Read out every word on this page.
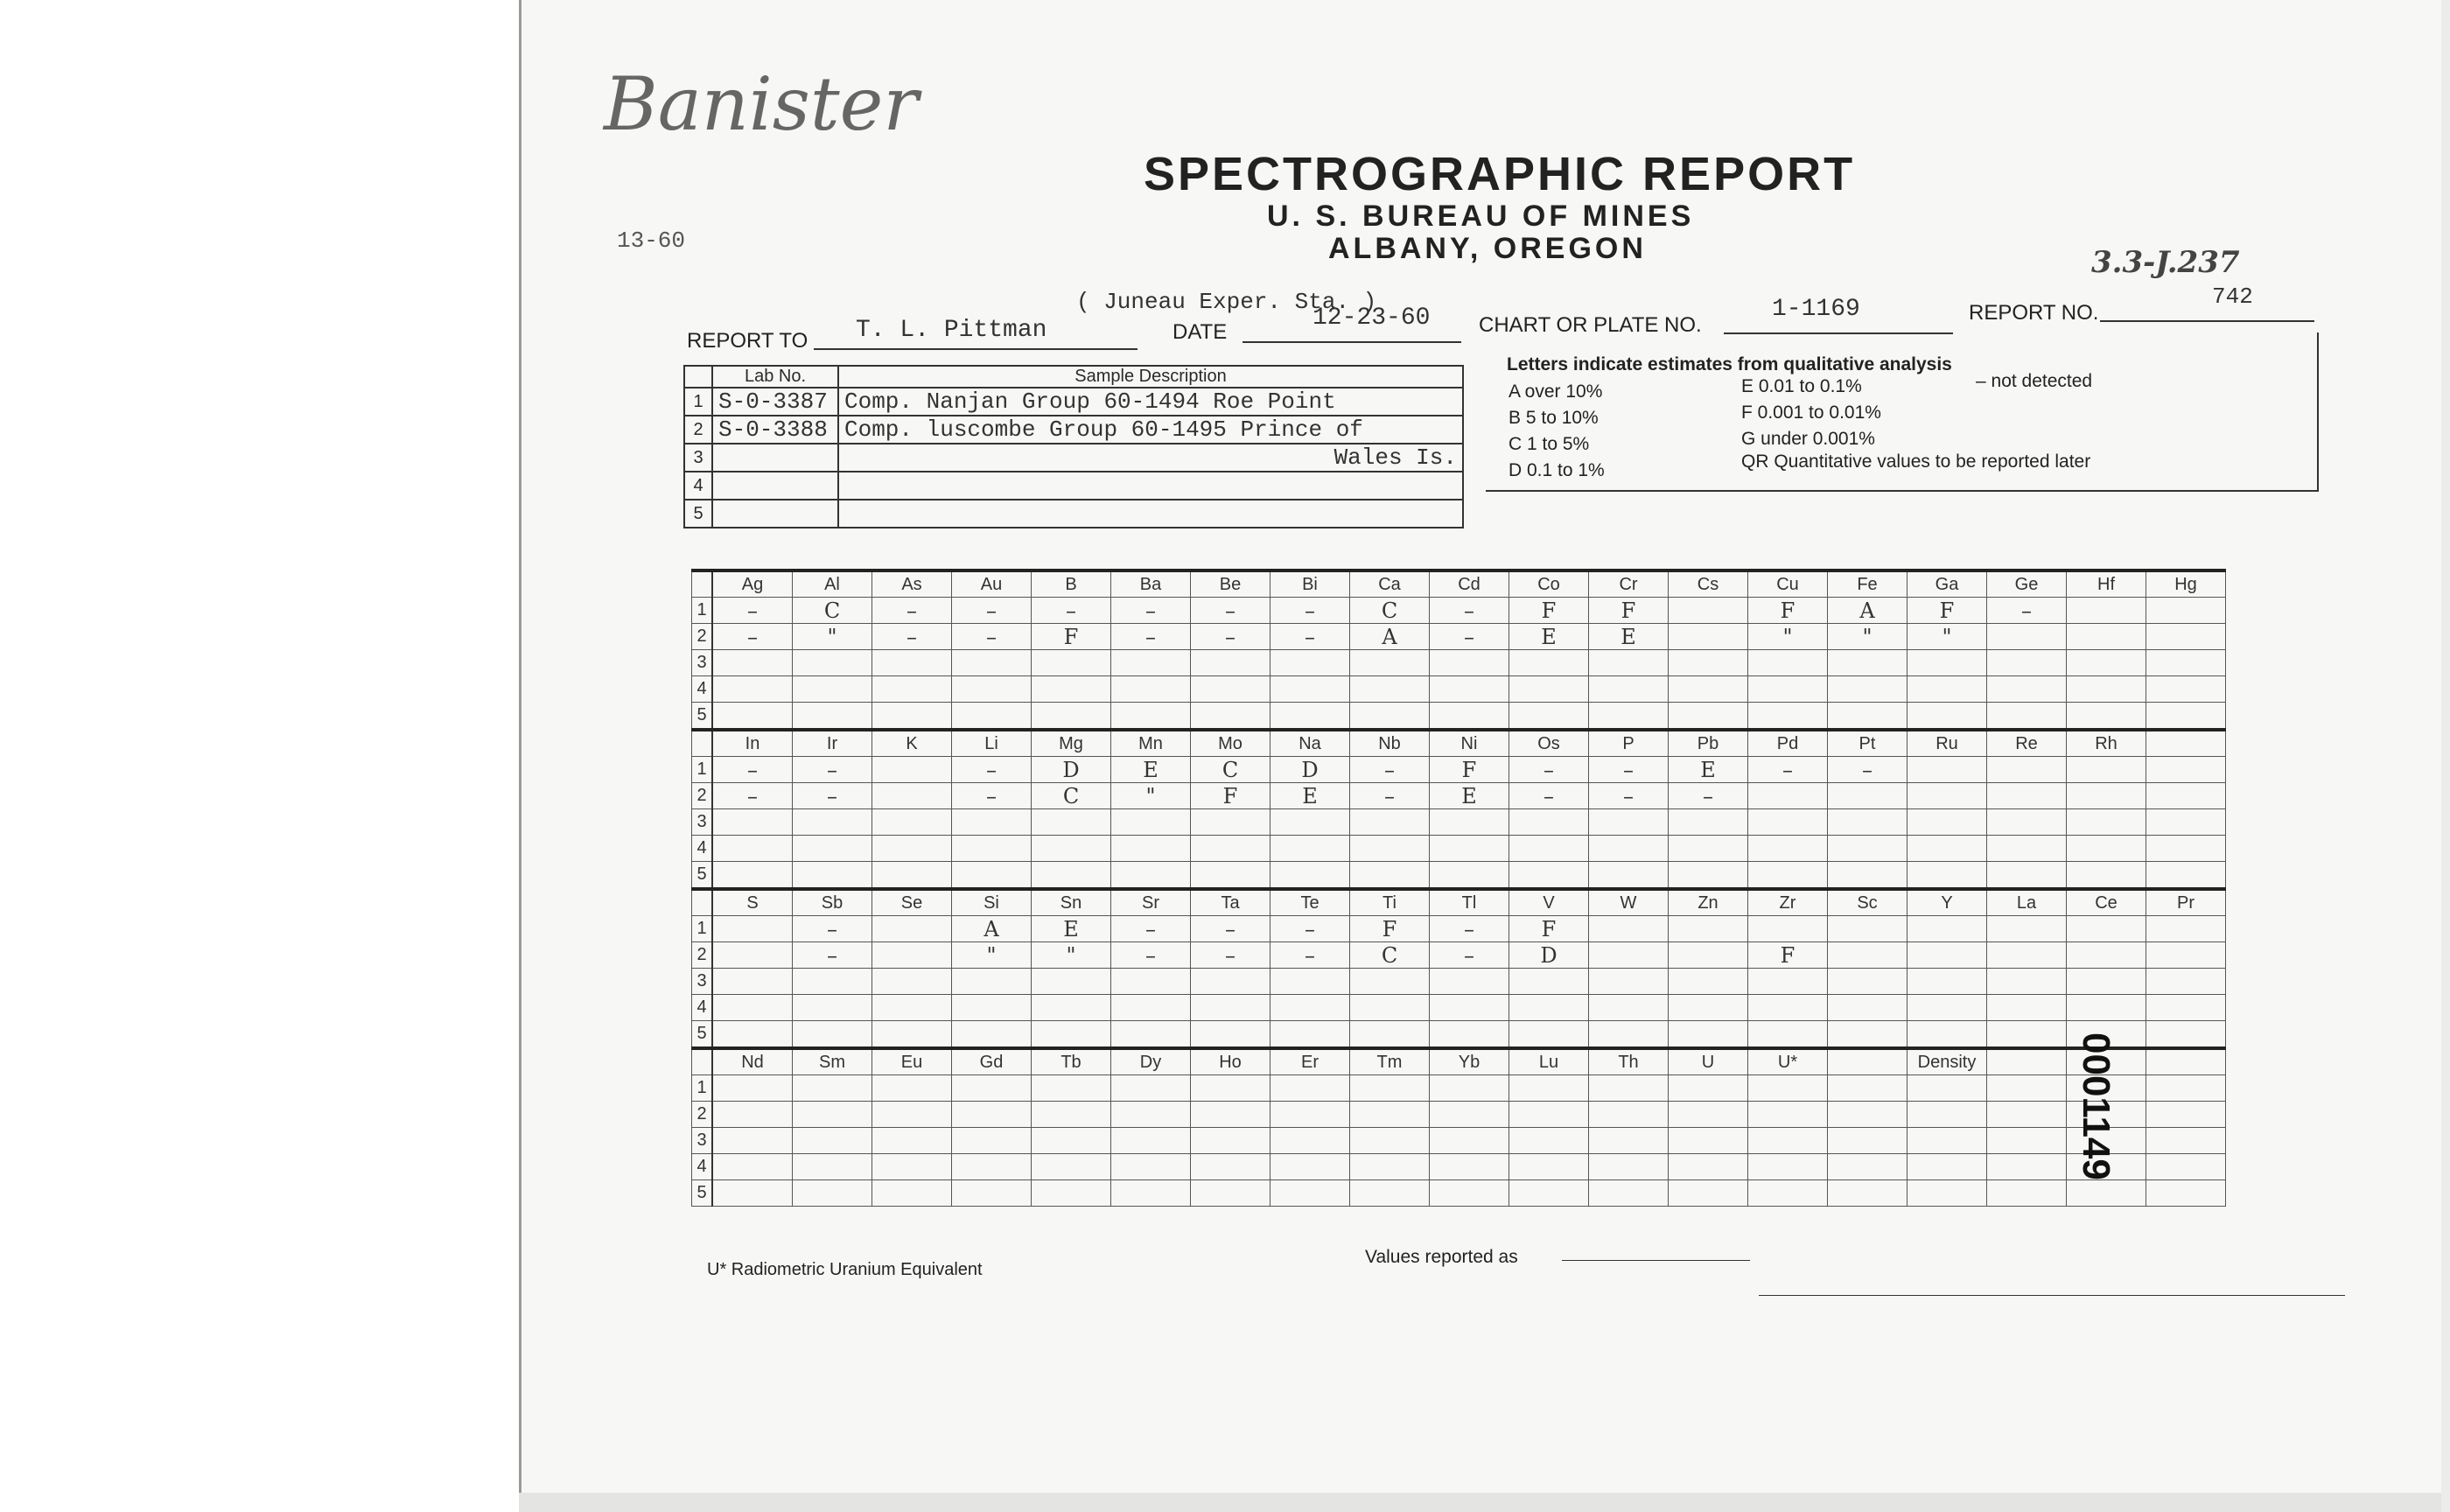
Banister
13-60
3.3-J.237
SPECTROGRAPHIC REPORT
U. S. BUREAU OF MINES
ALBANY, OREGON
( Juneau Exper. Sta. )
REPORT TO T. L. Pittman	DATE
12-23-60 CHART OR PLATE NO.
1-1169	REPORT NO.
742
	Lab No.	Sample Description
1	S-0-3387	Comp. Nanjan Group 60-1494 Roe Point
2	S-0-3388	Comp. luscombe Group 60-1495 Prince of
3		Wales Is.
4		
5		
Letters indicate estimates from qualitative analysis
A over 10%
B 5 to 10%
C 1 to 5%
D 0.1 to 1%
E 0.01 to 0.1%
F 0.001 to 0.01%
G under 0.001%
QR Quantitative values to be reported later
– not detected
	Ag	Al	As	Au	B	Ba	Be	Bi	Ca	Cd	Co	Cr	Cs	Cu	Fe	Ga	Ge	Hf	Hg
1	–	C	–	–	–	–	–	–	C	–	F	F		F	A	F	–		
2	–	"	–	–	F	–	–	–	A	–	E	E		"	"	"			
3																			
4																			
5																			
	In	Ir	K	Li	Mg	Mn	Mo	Na	Nb	Ni	Os	P	Pb	Pd	Pt	Ru	Re	Rh	
1	–	–		–	D	E	C	D	–	F	–	–	E	–	–				
2	–	–		–	C	"	F	E	–	E	–	–	–						
3																			
4																			
5																			
	S	Sb	Se	Si	Sn	Sr	Ta	Te	Ti	Tl	V	W	Zn	Zr	Sc	Y	La	Ce	Pr
1		–		A	E	–	–	–	F	–	F								
2		–		"	"	–	–	–	C	–	D			F					
3																			
4																			
5																			
	Nd	Sm	Eu	Gd	Tb	Dy	Ho	Er	Tm	Yb	Lu	Th	U	U*		Density			
1																			
2																			
3																			
4																			
5																			
0001149
U* Radiometric Uranium Equivalent
Values reported as
